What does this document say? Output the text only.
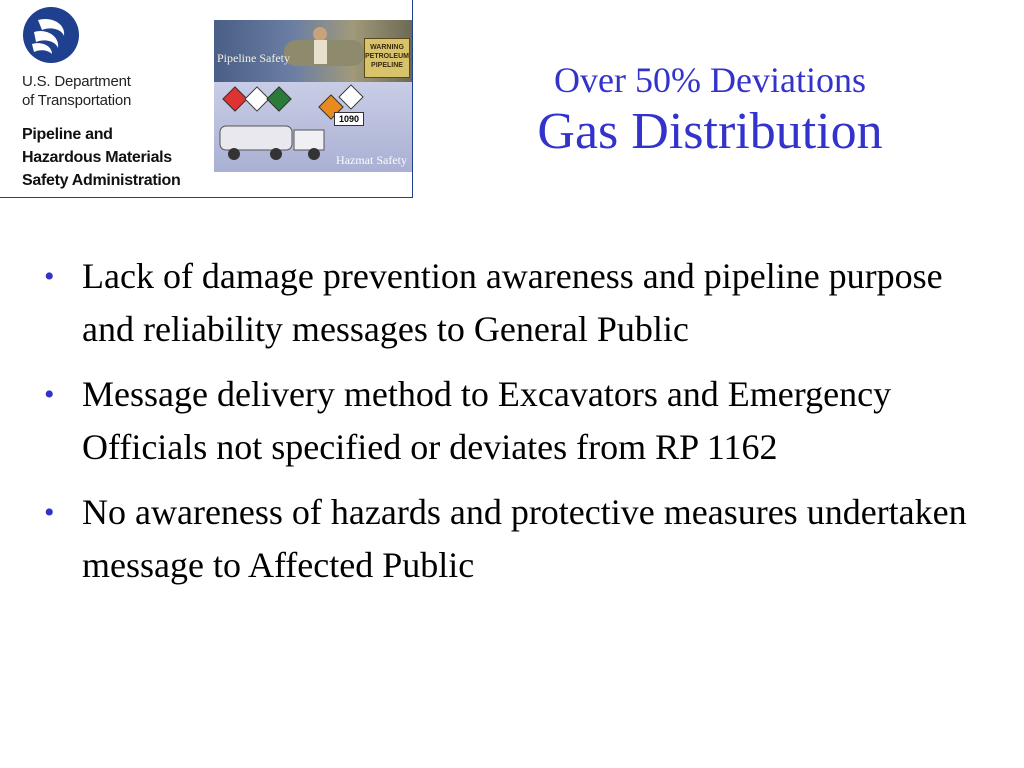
U.S. Department
of Transportation
Pipeline and
Hazardous Materials
Safety Administration
Pipeline Safety
WARNING
PETROLEUM
PIPELINE
1090
Hazmat Safety
Over 50% Deviations
Gas Distribution
• Lack of damage prevention awareness and pipeline purpose and reliability messages to General Public
• Message delivery method to Excavators and Emergency Officials not specified or deviates from RP 1162
• No awareness of hazards and protective measures undertaken message to Affected Public
